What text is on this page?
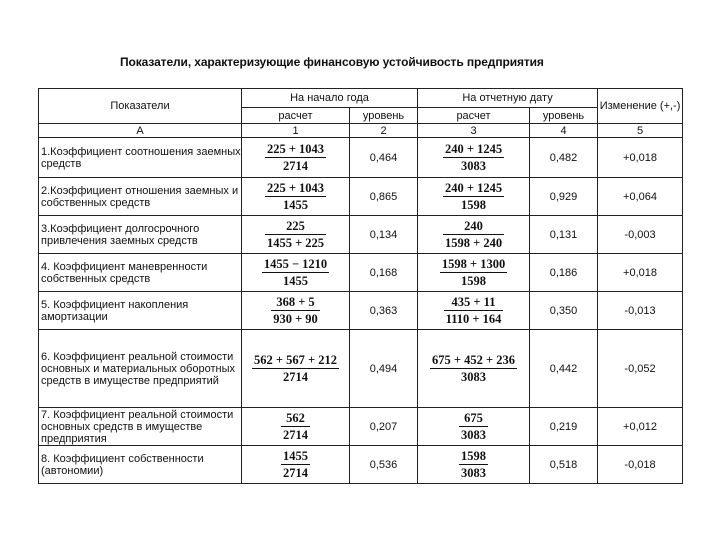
Показатели, характеризующие финансовую устойчивость предприятия
Показатели	На начало года		На отчетную дату		Изменение (+,-)
	расчет	уровень	расчет	уровень	
А	1	2	3	4	5
1.Коэффициент соотношения заемных средств	$\frac{225 + 1043}{2714}$	0,464	$\frac{240 + 1245}{3083}$	0,482	+0,018
2.Коэффициент отношения заемных и собственных средств	$\frac{225 + 1043}{1455}$	0,865	$\frac{240 + 1245}{1598}$	0,929	+0,064
3.Коэффициент долгосрочного привлечения заемных средств	$\frac{225}{1455 + 225}$	0,134	$\frac{240}{1598 + 240}$	0,131	-0,003
4. Коэффициент маневренности собственных средств	$\frac{1455 - 1210}{1455}$	0,168	$\frac{1598 + 1300}{1598}$	0,186	+0,018
5. Коэффициент накопления амортизации	$\frac{368 + 5}{930 + 90}$	0,363	$\frac{435 + 11}{1110 + 164}$	0,350	-0,013
6. Коэффициент реальной стоимости основных и материальных оборотных средств в имуществе предприятий	$\frac{562 + 567 + 212}{2714}$	0,494	$\frac{675 + 452 + 236}{3083}$	0,442	-0,052
7. Коэффициент реальной стоимости основных средств в имуществе предприятия	$\frac{562}{2714}$	0,207	$\frac{675}{3083}$	0,219	+0,012
8. Коэффициент собственности (автономии)	$\frac{1455}{2714}$	0,536	$\frac{1598}{3083}$	0,518	-0,018
